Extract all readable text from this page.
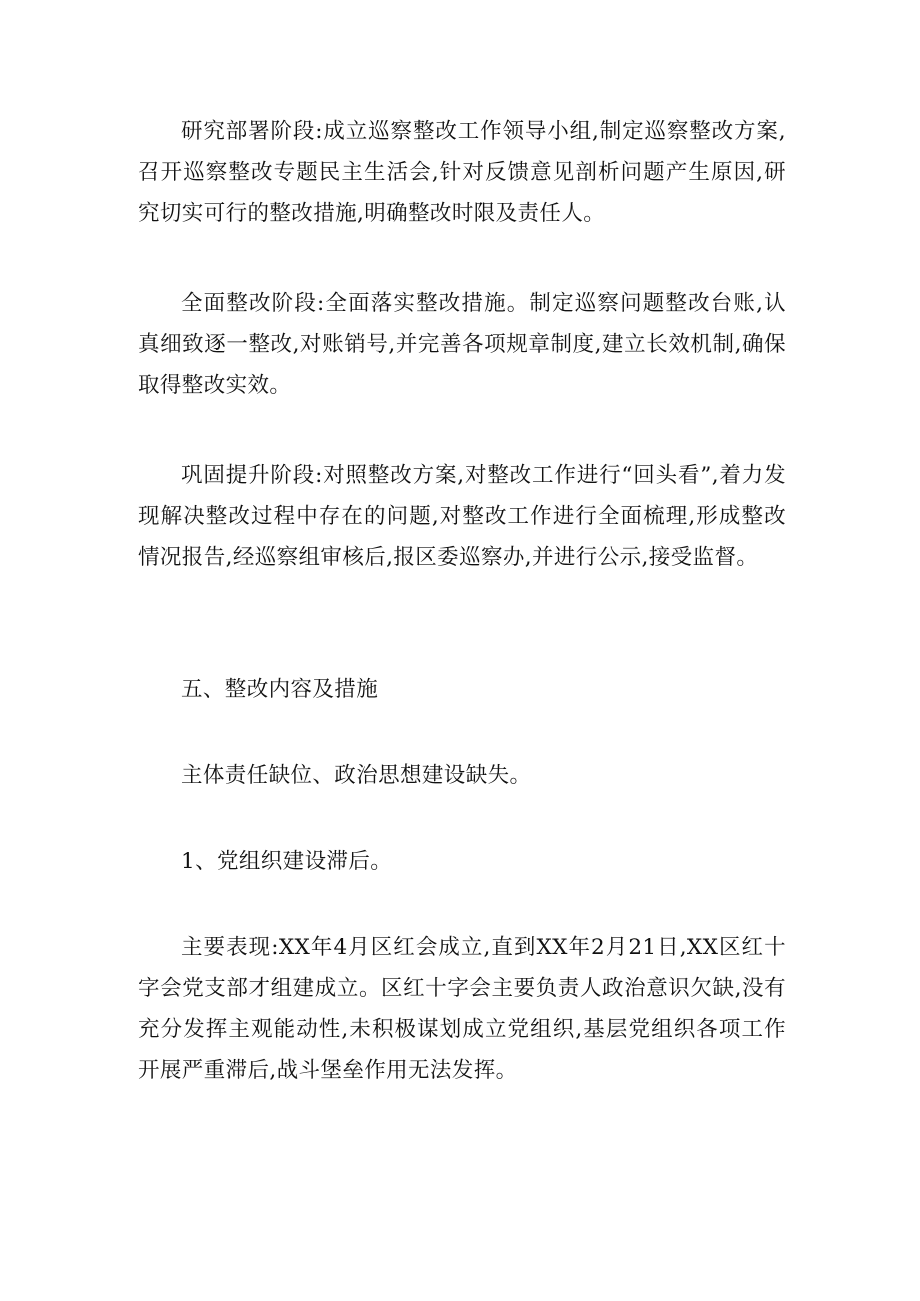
研究部署阶段:成立巡察整改工作领导小组,制定巡察整改方案,召开巡察整改专题民主生活会,针对反馈意见剖析问题产生原因,研究切实可行的整改措施,明确整改时限及责任人。

全面整改阶段:全面落实整改措施。制定巡察问题整改台账,认真细致逐一整改,对账销号,并完善各项规章制度,建立长效机制,确保取得整改实效。

巩固提升阶段:对照整改方案,对整改工作进行“回头看”,着力发现解决整改过程中存在的问题,对整改工作进行全面梳理,形成整改情况报告,经巡察组审核后,报区委巡察办,并进行公示,接受监督。

五、整改内容及措施

主体责任缺位、政治思想建设缺失。

1、党组织建设滞后。

主要表现:XX年4月区红会成立,直到XX年2月21日,XX区红十字会党支部才组建成立。区红十字会主要负责人政治意识欠缺,没有充分发挥主观能动性,未积极谋划成立党组织,基层党组织各项工作开展严重滞后,战斗堡垒作用无法发挥。
